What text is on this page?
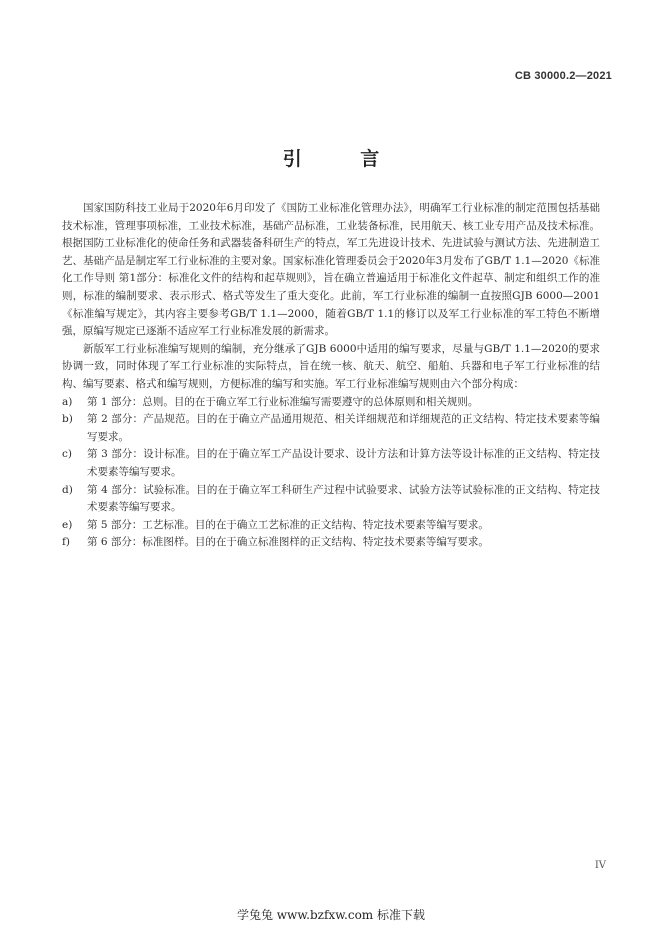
CB 30000.2—2021
引 言

国家国防科技工业局于2020年6月印发了《国防工业标准化管理办法》，明确军工行业标准的制定范围包括基础技术标准，管理事项标准，工业技术标准，基础产品标准，工业装备标准，民用航天、核工业专用产品及技术标准。根据国防工业标准化的使命任务和武器装备科研生产的特点，军工先进设计技术、先进试验与测试方法、先进制造工艺、基础产品是制定军工行业标准的主要对象。国家标准化管理委员会于2020年3月发布了GB/T 1.1—2020《标准化工作导则 第1部分：标准化文件的结构和起草规则》，旨在确立普遍适用于标准化文件起草、制定和组织工作的准则，标准的编制要求、表示形式、格式等发生了重大变化。此前，军工行业标准的编制一直按照GJB 6000—2001《标准编写规定》，其内容主要参考GB/T 1.1—2000，随着GB/T 1.1的修订以及军工行业标准的军工特色不断增强，原编写规定已逐渐不适应军工行业标准发展的新需求。

新版军工行业标准编写规则的编制，充分继承了GJB 6000中适用的编写要求，尽量与GB/T 1.1—2020的要求协调一致，同时体现了军工行业标准的实际特点，旨在统一核、航天、航空、船舶、兵器和电子军工行业标准的结构、编写要素、格式和编写规则，方便标准的编写和实施。军工行业标准编写规则由六个部分构成：

a) 第 1 部分：总则。目的在于确立军工行业标准编写需要遵守的总体原则和相关规则。
b) 第 2 部分：产品规范。目的在于确立产品通用规范、相关详细规范和详细规范的正文结构、特定技术要素等编写要求。
c) 第 3 部分：设计标准。目的在于确立军工产品设计要求、设计方法和计算方法等设计标准的正文结构、特定技术要素等编写要求。
d) 第 4 部分：试验标准。目的在于确立军工科研生产过程中试验要求、试验方法等试验标准的正文结构、特定技术要素等编写要求。
e) 第 5 部分：工艺标准。目的在于确立工艺标准的正文结构、特定技术要素等编写要求。
f) 第 6 部分：标准图样。目的在于确立标准图样的正文结构、特定技术要素等编写要求。
IV
学兔兔 www.bzfxw.com 标准下载
